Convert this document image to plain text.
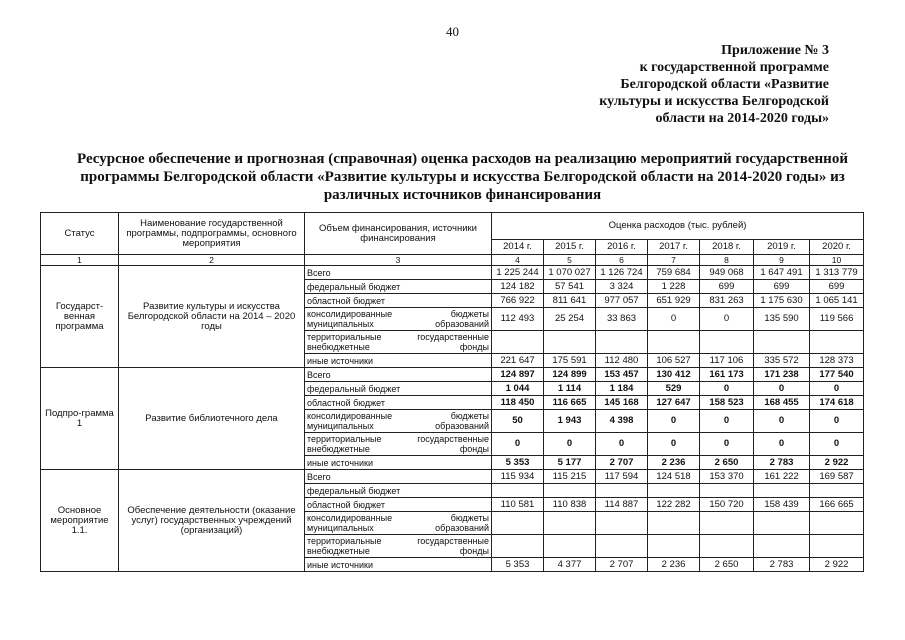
40
Приложение № 3
к государственной программе
Белгородской области «Развитие
культуры и искусства Белгородской
области на 2014-2020 годы»
Ресурсное обеспечение и прогнозная (справочная) оценка расходов на реализацию мероприятий государственной
программы Белгородской области «Развитие культуры и искусства Белгородской области на 2014-2020 годы» из
различных источников финансирования
Статус	Наименование государственной программы, подпрограммы, основного мероприятия	Объем финансирования, источники финансирования	Оценка расходов (тыс. рублей)						
			2014 г.	2015 г.	2016 г.	2017 г.	2018 г.	2019 г.	2020 г.
1	2	3	4	5	6	7	8	9	10
Государст-венная программа	Развитие культуры и искусства Белгородской области на 2014 – 2020 годы	Всего	1 225 244	1 070 027	1 126 724	759 684	949 068	1 647 491	1 313 779
		федеральный бюджет	124 182	57 541	3 324	1 228	699	699	699
		областной бюджет	766 922	811 641	977 057	651 929	831 263	1 175 630	1 065 141
		консолидированные бюджеты муниципальных образований	112 493	25 254	33 863	0	0	135 590	119 566
		территориальные государственные внебюджетные фонды							
		иные источники	221 647	175 591	112 480	106 527	117 106	335 572	128 373
Подпро-грамма 1	Развитие библиотечного дела	Всего	124 897	124 899	153 457	130 412	161 173	171 238	177 540
		федеральный бюджет	1 044	1 114	1 184	529	0	0	0
		областной бюджет	118 450	116 665	145 168	127 647	158 523	168 455	174 618
		консолидированные бюджеты муниципальных образований	50	1 943	4 398	0	0	0	0
		территориальные государственные внебюджетные фонды	0	0	0	0	0	0	0
		иные источники	5 353	5 177	2 707	2 236	2 650	2 783	2 922
Основное мероприятие 1.1.	Обеспечение деятельности (оказание услуг) государственных учреждений (организаций)	Всего	115 934	115 215	117 594	124 518	153 370	161 222	169 587
		федеральный бюджет							
		областной бюджет	110 581	110 838	114 887	122 282	150 720	158 439	166 665
		консолидированные бюджеты муниципальных образований							
		территориальные государственные внебюджетные фонды							
		иные источники	5 353	4 377	2 707	2 236	2 650	2 783	2 922
